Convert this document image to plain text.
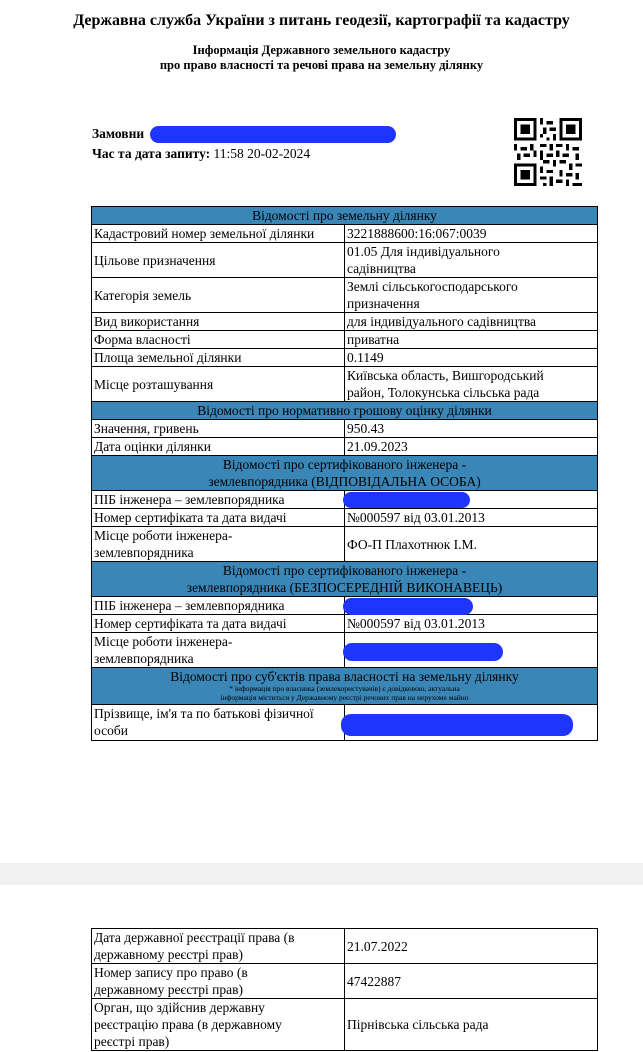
Державна служба України з питань геодезії, картографії та кадастру
Інформація Державного земельного кадастру
про право власності та речові права на земельну ділянку
Замовни
Час та дата запиту: 11:58 20-02-2024
Відомості про земельну ділянку	
Кадастровий номер земельної ділянки	3221888600:16:067:0039
Цільове призначення	01.05 Для індивідуального
садівництва

Категорія земель	Землі сільськогосподарського
призначення

Вид використання	для індивідуального садівництва
Форма власності	приватна
Площа земельної ділянки	0.1149
Місце розташування	Київська область, Вишгородський
район, Толокунська сільська рада

Відомості про нормативно грошову оцінку ділянки	
Значення, гривень	950.43
Дата оцінки ділянки	21.09.2023

Відомості про сертифікованого інженера -
землевпорядника (ВІДПОВІДАЛЬНА ОСОБА)	

ПІБ інженера – землевпорядника	

Номер сертифіката та дата видачі	№000597 від 03.01.2013

Місце роботи інженера-
землевпорядника	ФО-П Плахотнюк І.М.

Відомості про сертифікованого інженера -
землевпорядника (БЕЗПОСЕРЕДНІЙ ВИКОНАВЕЦЬ)	

ПІБ інженера – землевпорядника	

Номер сертифіката та дата видачі	№000597 від 03.01.2013

Місце роботи інженера-
землевпорядника	

Відомості про суб'єктів права власності на земельну ділянку
* інформація про власника (землекористувачів) є довідковою, актуальна
інформація міститься у Державному реєстрі речових прав на нерухоме майно	

Прізвище, ім'я та по батькові фізичної
особи	

Дата державної реєстрації права (в
державному реєстрі прав)	21.07.2022

Номер запису про право (в
державному реєстрі прав)	47422887

Орган, що здійснив державну
реєстрацію права (в державному
реєстрі прав)	Пірнівська сільська рада
